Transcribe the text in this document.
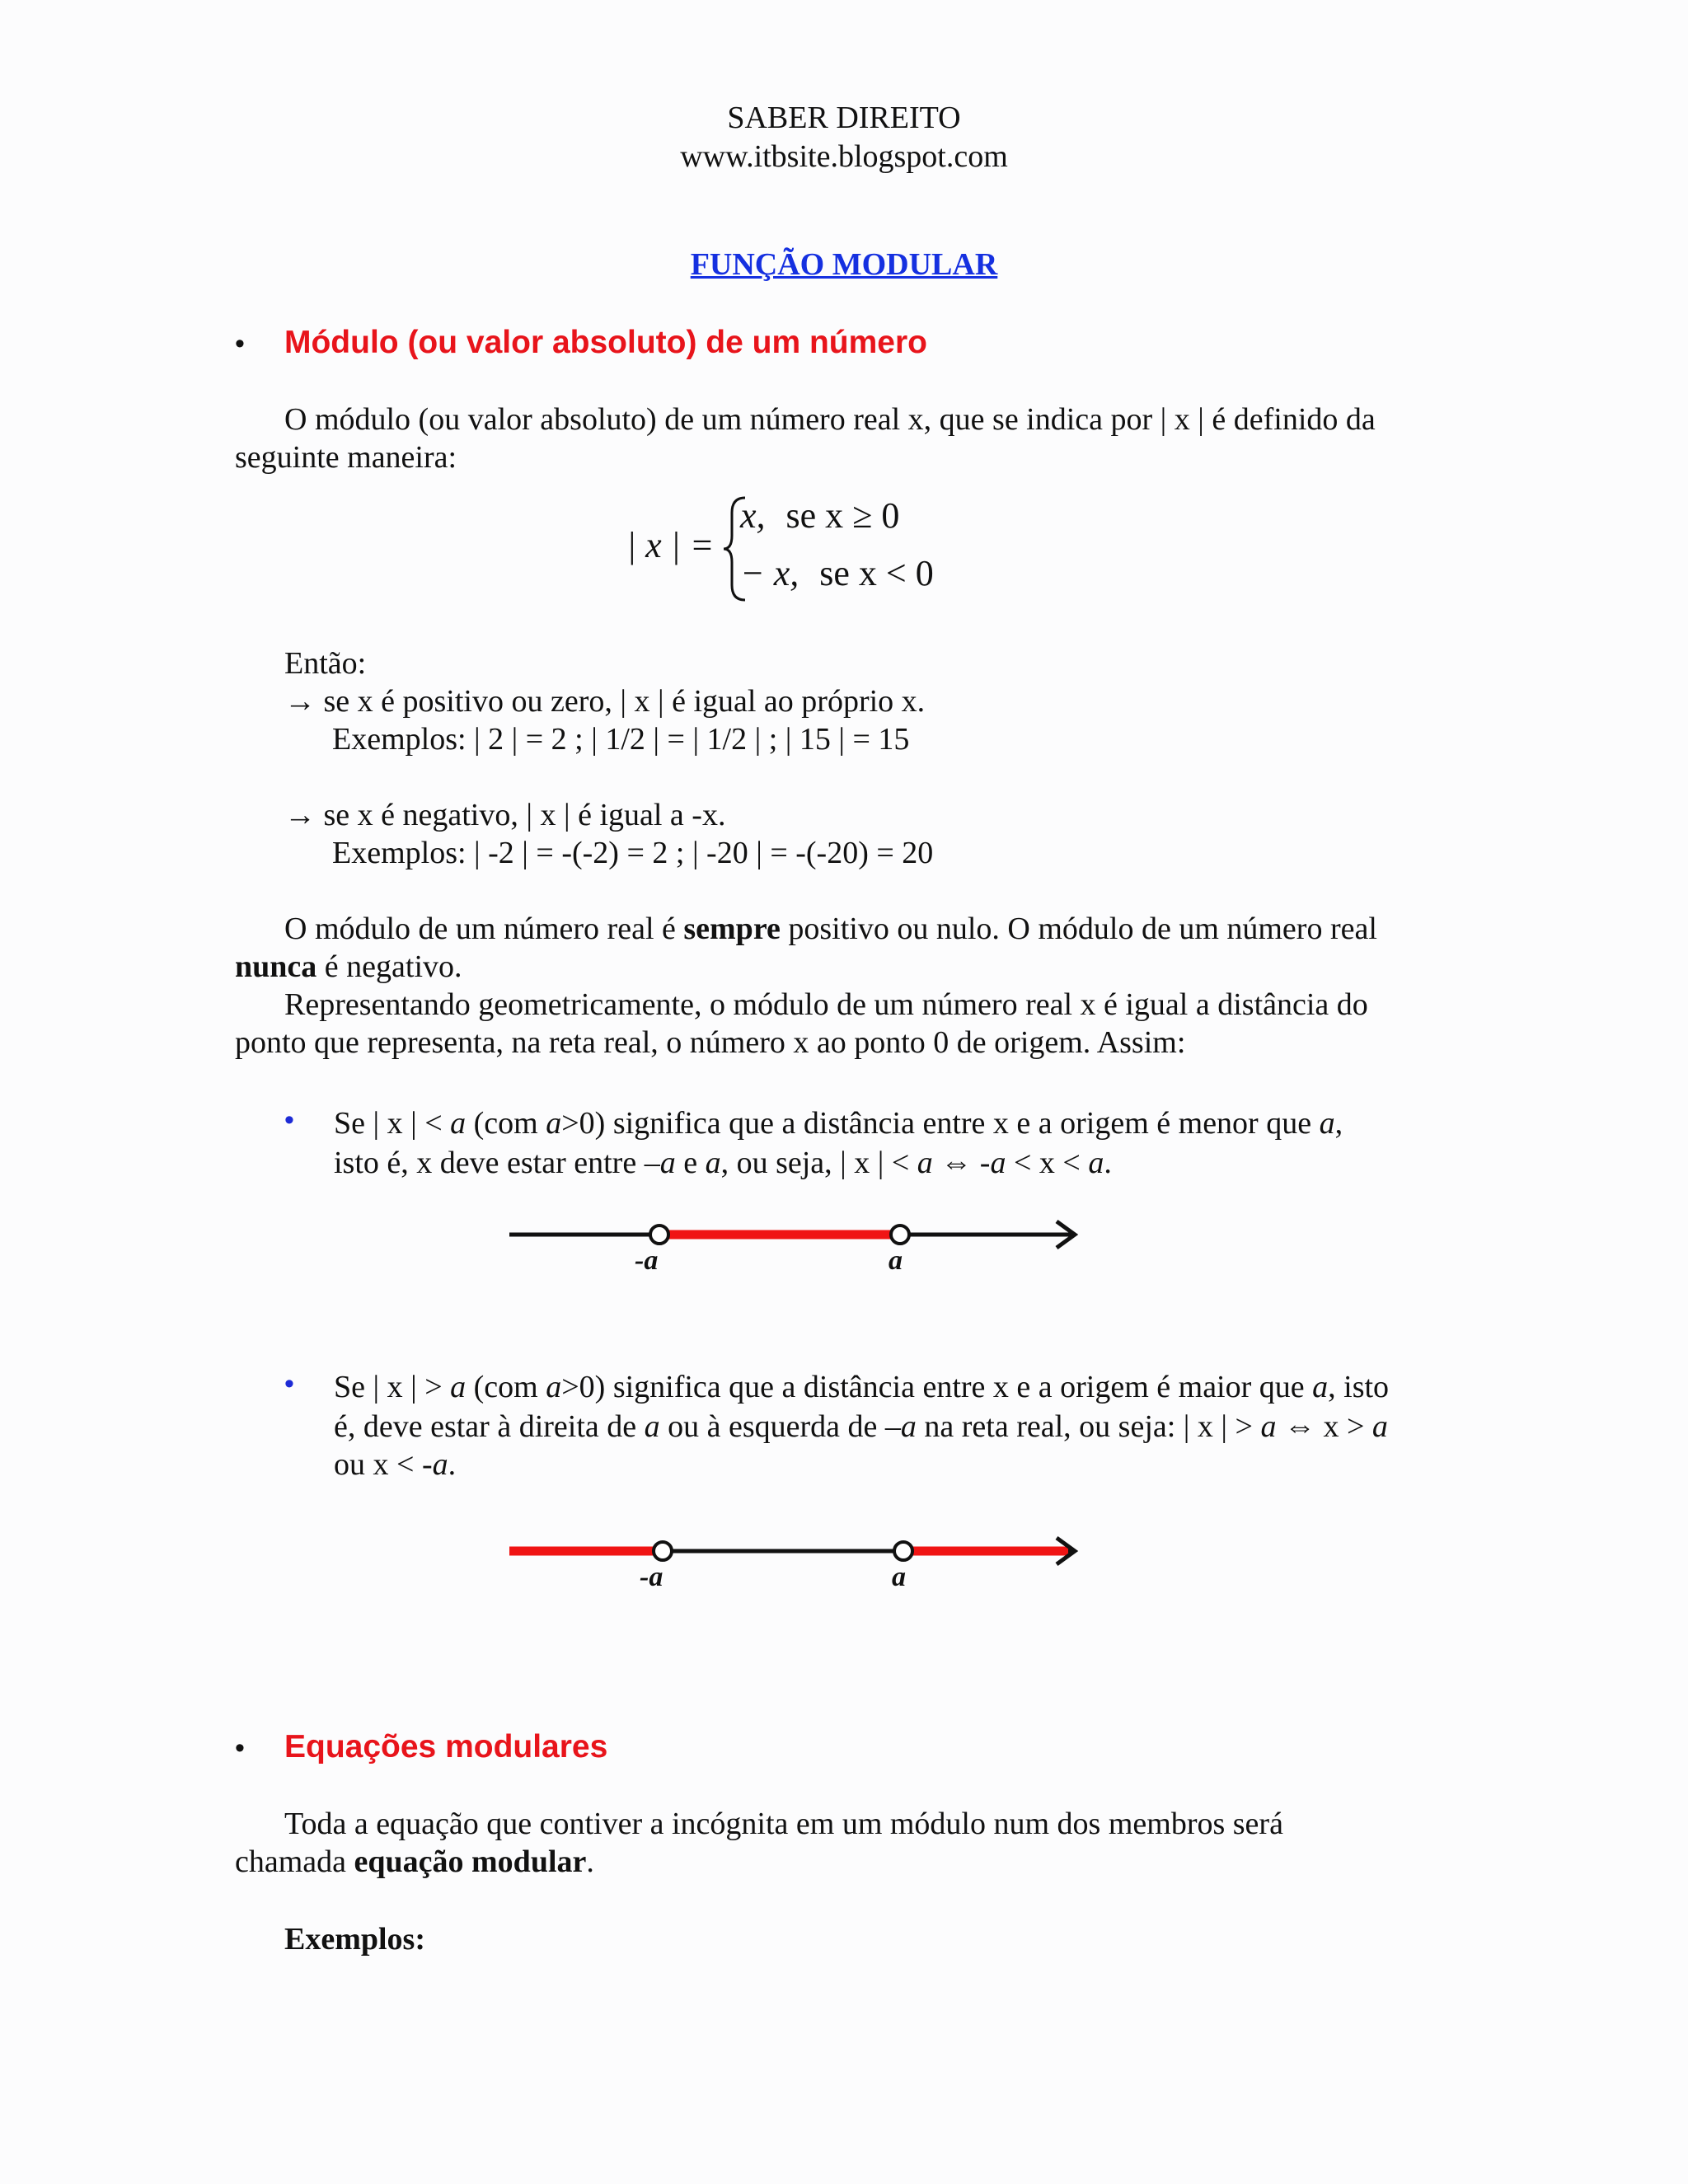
SABER DIREITO
www.itbsite.blogspot.com
FUNÇÃO MODULAR
• Módulo (ou valor absoluto) de um número
O módulo (ou valor absoluto) de um número real x, que se indica por | x | é definido da
seguinte maneira:
| x | =
x, se x ≥ 0
− x, se x < 0
Então:
→ se x é positivo ou zero, | x | é igual ao próprio x.
Exemplos: | 2 | = 2 ; | 1/2 | = | 1/2 | ; | 15 | = 15
→ se x é negativo, | x | é igual a -x.
Exemplos: | -2 | = -(-2) = 2 ; | -20 | = -(-20) = 20
O módulo de um número real é sempre positivo ou nulo. O módulo de um número real
nunca é negativo.
Representando geometricamente, o módulo de um número real x é igual a distância do
ponto que representa, na reta real, o número x ao ponto 0 de origem. Assim:
• Se | x | < a (com a>0) significa que a distância entre x e a origem é menor que a,
isto é, x deve estar entre –a e a, ou seja, | x | < a ⇔ -a < x < a.
-a	a
• Se | x | > a (com a>0) significa que a distância entre x e a origem é maior que a, isto
é, deve estar à direita de a ou à esquerda de –a na reta real, ou seja: | x | > a ⇔ x > a
ou x < -a.
-a	a
• Equações modulares
Toda a equação que contiver a incógnita em um módulo num dos membros será
chamada equação modular.
Exemplos:
